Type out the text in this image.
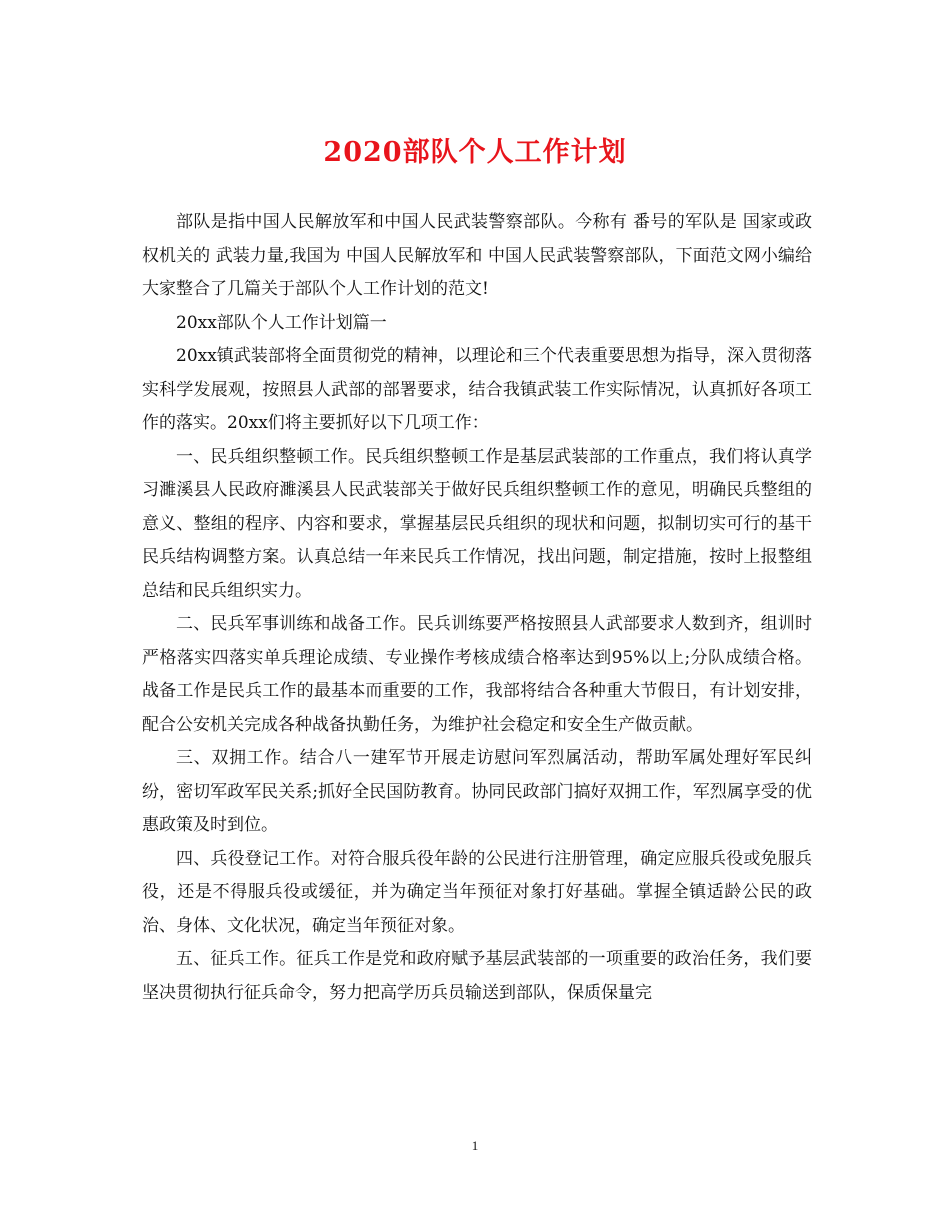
2020部队个人工作计划

部队是指中国人民解放军和中国人民武装警察部队。今称有 番号的军队是 国家或政权机关的 武装力量,我国为 中国人民解放军和 中国人民武装警察部队，下面范文网小编给大家整合了几篇关于部队个人工作计划的范文!

20xx部队个人工作计划篇一

20xx镇武装部将全面贯彻党的精神，以理论和三个代表重要思想为指导，深入贯彻落实科学发展观，按照县人武部的部署要求，结合我镇武装工作实际情况，认真抓好各项工作的落实。20xx们将主要抓好以下几项工作：

一、民兵组织整顿工作。民兵组织整顿工作是基层武装部的工作重点，我们将认真学习濉溪县人民政府濉溪县人民武装部关于做好民兵组织整顿工作的意见，明确民兵整组的意义、整组的程序、内容和要求，掌握基层民兵组织的现状和问题，拟制切实可行的基干民兵结构调整方案。认真总结一年来民兵工作情况，找出问题，制定措施，按时上报整组总结和民兵组织实力。

二、民兵军事训练和战备工作。民兵训练要严格按照县人武部要求人数到齐，组训时严格落实四落实单兵理论成绩、专业操作考核成绩合格率达到95%以上;分队成绩合格。战备工作是民兵工作的最基本而重要的工作，我部将结合各种重大节假日，有计划安排，配合公安机关完成各种战备执勤任务，为维护社会稳定和安全生产做贡献。

三、双拥工作。结合八一建军节开展走访慰问军烈属活动，帮助军属处理好军民纠纷，密切军政军民关系;抓好全民国防教育。协同民政部门搞好双拥工作，军烈属享受的优惠政策及时到位。

四、兵役登记工作。对符合服兵役年龄的公民进行注册管理，确定应服兵役或免服兵役，还是不得服兵役或缓征，并为确定当年预征对象打好基础。掌握全镇适龄公民的政治、身体、文化状况，确定当年预征对象。

五、征兵工作。征兵工作是党和政府赋予基层武装部的一项重要的政治任务，我们要坚决贯彻执行征兵命令，努力把高学历兵员输送到部队，保质保量完

1
